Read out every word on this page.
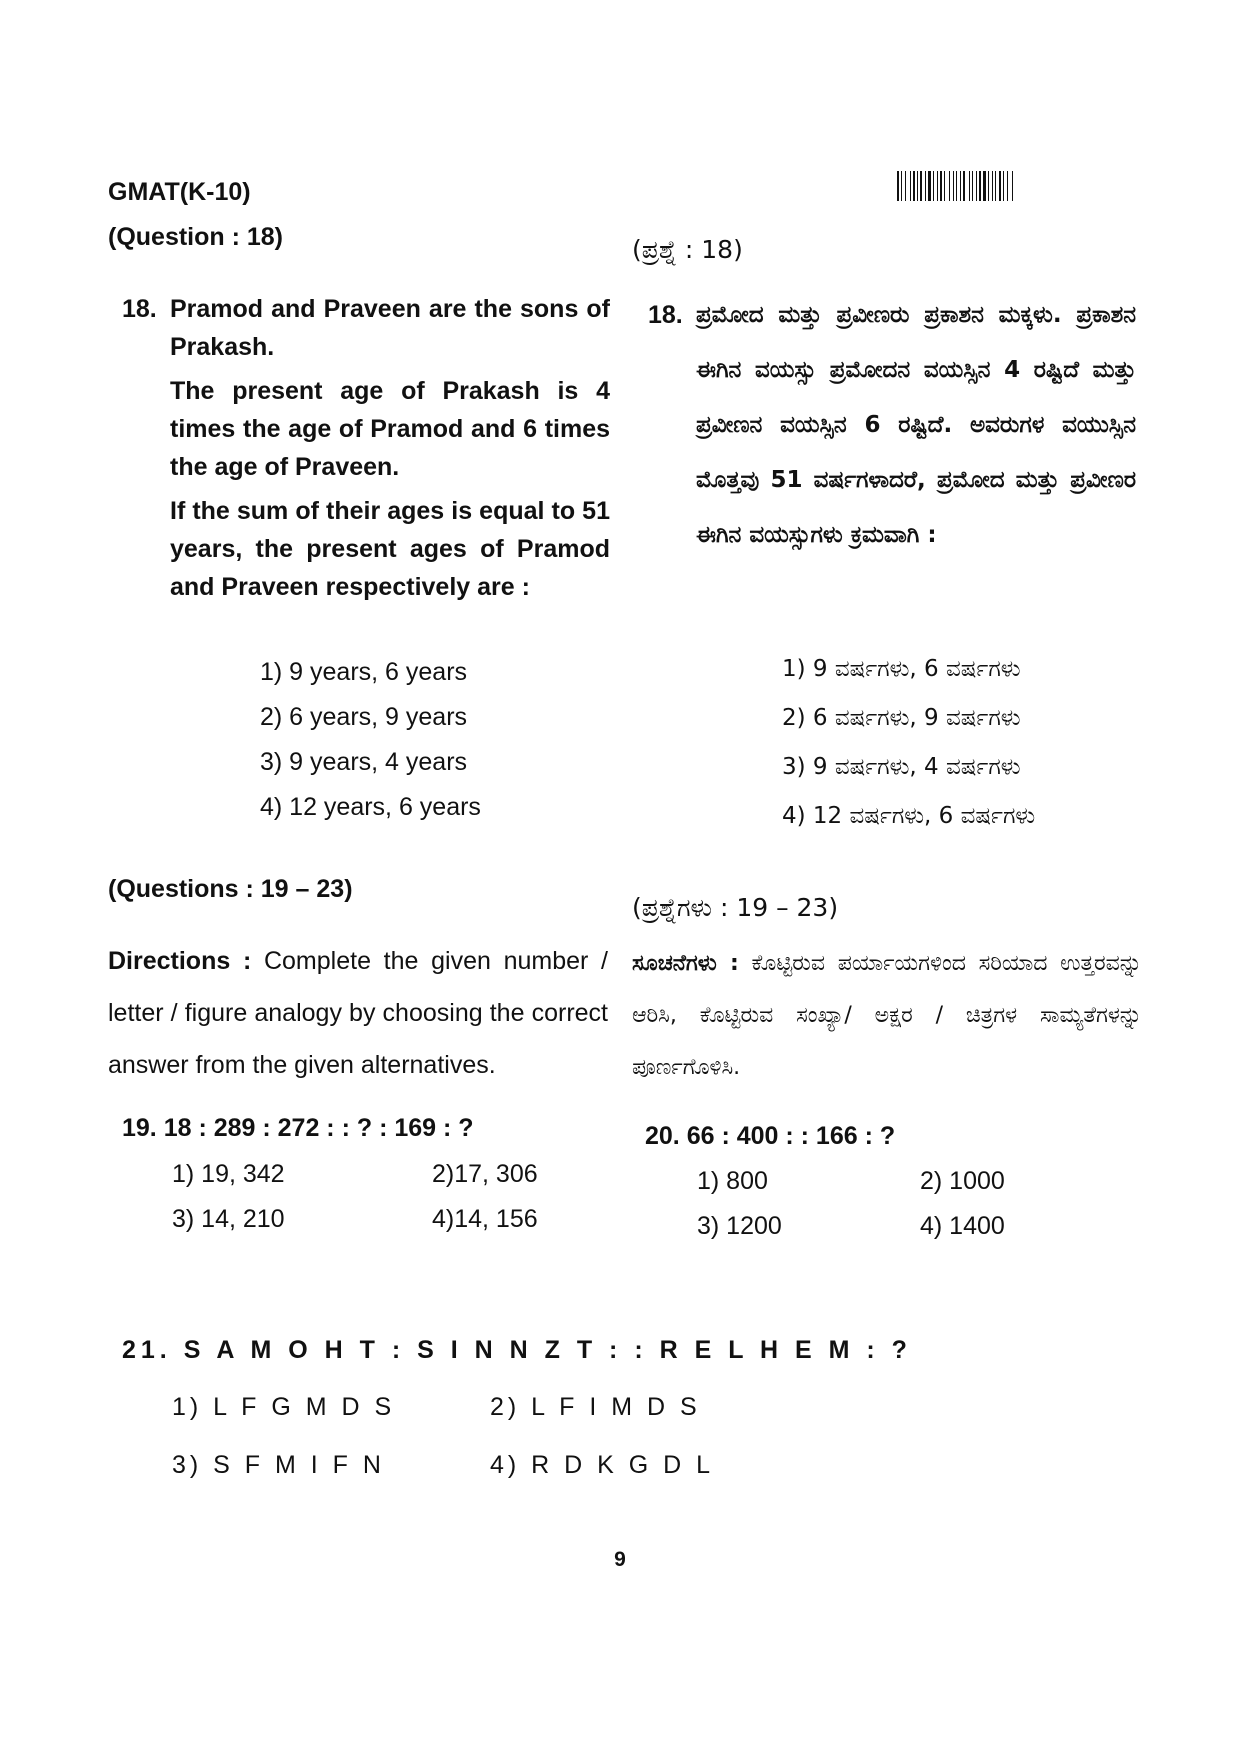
GMAT(K-10)
(Question : 18)
18. Pramod and Praveen are the sons of Prakash.

The present age of Prakash is 4 times the age of Pramod and 6 times the age of Praveen.

If the sum of their ages is equal to 51 years, the present ages of Pramod and Praveen respectively are :

1) 9 years, 6 years
2) 6 years, 9 years
3) 9 years, 4 years
4) 12 years, 6 years
(ಪ್ರಶ್ನೆ : 18)
18. ಪ್ರಮೋದ ಮತ್ತು ಪ್ರವೀಣರು ಪ್ರಕಾಶನ ಮಕ್ಕಳು. ಪ್ರಕಾಶನ ಈಗಿನ ವಯಸ್ಸು ಪ್ರಮೋದನ ವಯಸ್ಸಿನ 4 ರಷ್ಟಿದೆ ಮತ್ತು ಪ್ರವೀಣನ ವಯಸ್ಸಿನ 6 ರಷ್ಟಿದೆ. ಅವರುಗಳ ವಯುಸ್ಸಿನ ಮೊತ್ತವು 51 ವರ್ಷಗಳಾದರೆ, ಪ್ರಮೋದ ಮತ್ತು ಪ್ರವೀಣರ ಈಗಿನ ವಯಸ್ಸುಗಳು ಕ್ರಮವಾಗಿ :
1) 9 ವರ್ಷಗಳು, 6 ವರ್ಷಗಳು
2) 6 ವರ್ಷಗಳು, 9 ವರ್ಷಗಳು
3) 9 ವರ್ಷಗಳು, 4 ವರ್ಷಗಳು
4) 12 ವರ್ಷಗಳು, 6 ವರ್ಷಗಳು
(Questions : 19 – 23)
(ಪ್ರಶ್ನೆಗಳು : 19 – 23)
Directions : Complete the given number / letter / figure analogy by choosing the correct answer from the given alternatives.
ಸೂಚನೆಗಳು : ಕೊಟ್ಟಿರುವ ಪರ್ಯಾಯಗಳಿಂದ ಸರಿಯಾದ ಉತ್ತರವನ್ನು ಆರಿಸಿ, ಕೊಟ್ಟಿರುವ ಸಂಖ್ಯಾ/ ಅಕ್ಷರ / ಚಿತ್ರಗಳ ಸಾಮ್ಯತೆಗಳನ್ನು ಪೂರ್ಣಗೊಳಿಸಿ.
19. 18 : 289 : 272 : : ? : 169 : ?
1) 19, 342	2)17, 306
3) 14, 210	4)14, 156
20. 66 : 400 : : 166 : ?
1) 800	2) 1000
3) 1200	4) 1400
21. S A M O H T : S I N N Z T : : R E L H E M : ?
1) L F G M D S	2) L F I M D S
3) S F M I F N	4) R D K G D L
9
